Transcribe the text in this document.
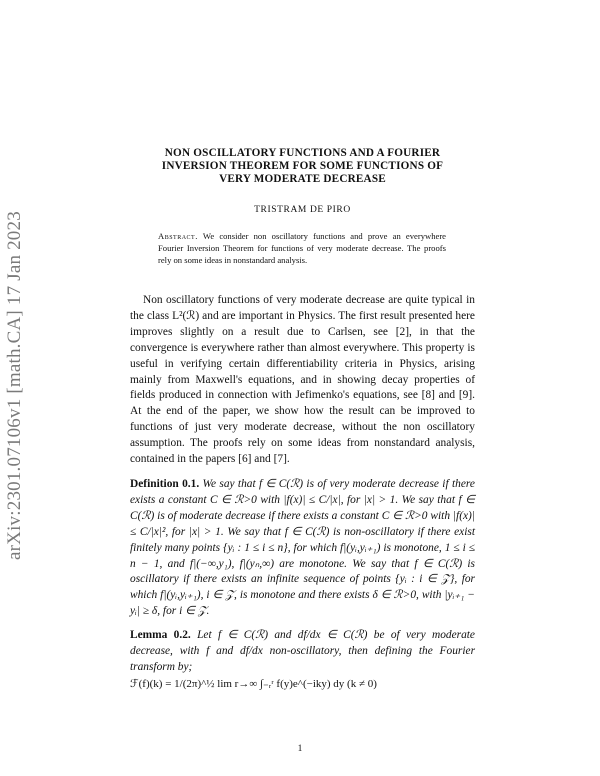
arXiv:2301.07106v1 [math.CA] 17 Jan 2023
NON OSCILLATORY FUNCTIONS AND A FOURIER
INVERSION THEOREM FOR SOME FUNCTIONS OF
VERY MODERATE DECREASE
TRISTRAM DE PIRO
Abstract. We consider non oscillatory functions and prove an everywhere Fourier Inversion Theorem for functions of very moderate decrease. The proofs rely on some ideas in nonstandard analysis.

Non oscillatory functions of very moderate decrease are quite typical in the class L²(ℛ) and are important in Physics. The first result presented here improves slightly on a result due to Carlsen, see [2], in that the convergence is everywhere rather than almost everywhere. This property is useful in verifying certain differentiability criteria in Physics, arising mainly from Maxwell's equations, and in showing decay properties of fields produced in connection with Jefimenko's equations, see [8] and [9]. At the end of the paper, we show how the result can be improved to functions of just very moderate decrease, without the non oscillatory assumption. The proofs rely on some ideas from nonstandard analysis, contained in the papers [6] and [7].

Definition 0.1. We say that f ∈ C(ℛ) is of very moderate decrease if there exists a constant C ∈ ℛ>0 with |f(x)| ≤ C/|x|, for |x| > 1. We say that f ∈ C(ℛ) is of moderate decrease if there exists a constant C ∈ ℛ>0 with |f(x)| ≤ C/|x|², for |x| > 1. We say that f ∈ C(ℛ) is non-oscillatory if there exist finitely many points {yᵢ : 1 ≤ i ≤ n}, for which f|(yᵢ,yᵢ₊₁) is monotone, 1 ≤ i ≤ n − 1, and f|(−∞,y₁), f|(yₙ,∞) are monotone. We say that f ∈ C(ℛ) is oscillatory if there exists an infinite sequence of points {yᵢ : i ∈ 𝒵}, for which f|(yᵢ,yᵢ₊₁), i ∈ 𝒵, is monotone and there exists δ ∈ ℛ>0, with |yᵢ₊₁ − yᵢ| ≥ δ, for i ∈ 𝒵.
Lemma 0.2. Let f ∈ C(ℛ) and df/dx ∈ C(ℛ) be of very moderate decrease, with f and df/dx non-oscillatory, then defining the Fourier transform by;
ℱ(f)(k) = 1/(2π)^½ lim r→∞ ∫₋ᵣʳ f(y)e^(−iky) dy (k ≠ 0)
1
